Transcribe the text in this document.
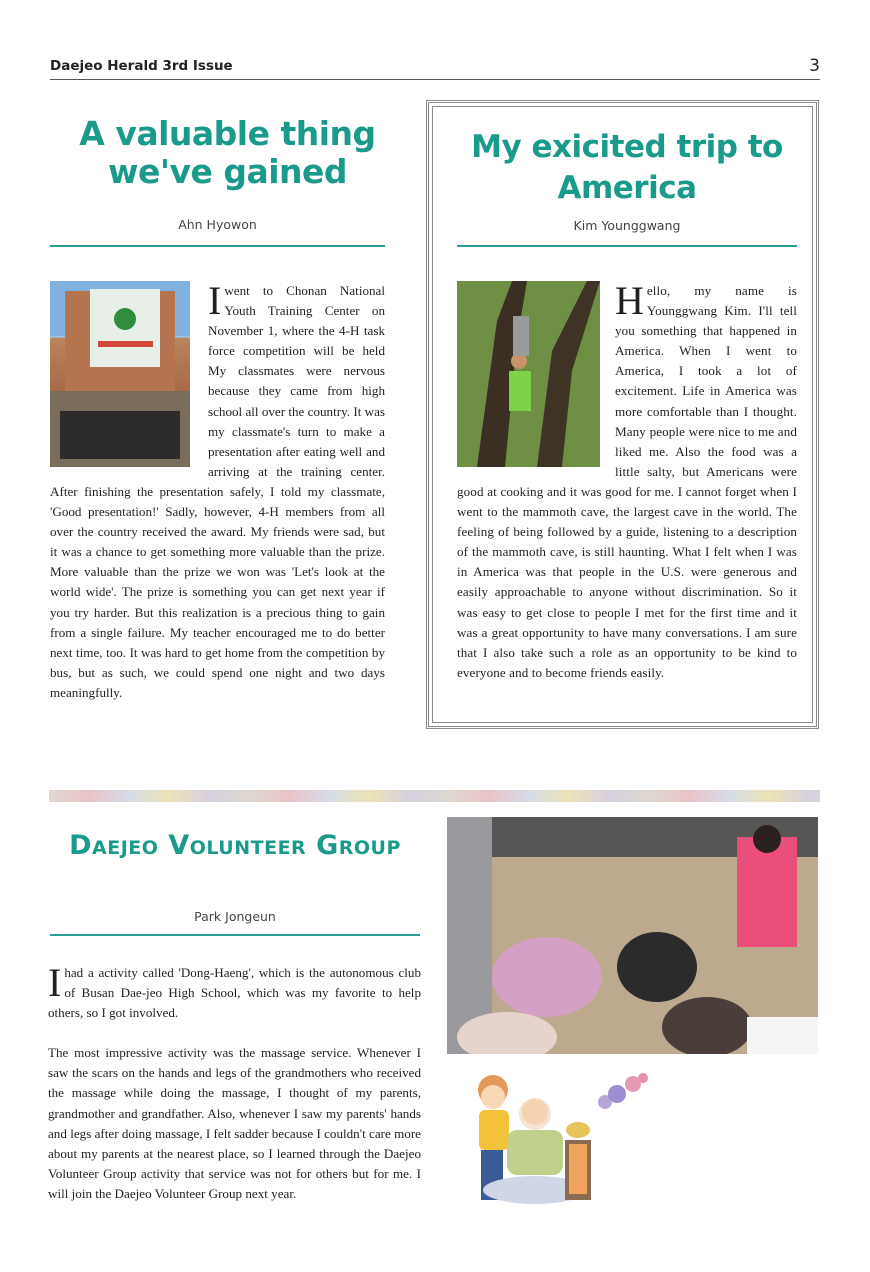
Daejeo Herald 3rd Issue	3
A valuable thing we've gained
Ahn Hyowon
I went to Chonan National Youth Training Center on November 1, where the 4-H task force competition will be held My classmates were nervous because they came from high school all over the country. It was my classmate's turn to make a presentation after eating well and arriving at the training center. After finishing the presentation safely, I told my classmate, 'Good presentation!' Sadly, however, 4-H members from all over the country received the award. My friends were sad, but it was a chance to get something more valuable than the prize. More valuable than the prize we won was 'Let's look at the world wide'. The prize is something you can get next year if you try harder. But this realization is a precious thing to gain from a single failure. My teacher encouraged me to do better next time, too. It was hard to get home from the competition by bus, but as such, we could spend one night and two days meaningfully.
My exicited trip to America
Kim Younggwang
H ello, my name is Younggwang Kim. I'll tell you something that happened in America. When I went to America, I took a lot of excitement. Life in America was more comfortable than I thought. Many people were nice to me and liked me. Also the food was a little salty, but Americans were good at cooking and it was good for me. I cannot forget when I went to the mammoth cave, the largest cave in the world. The feeling of being followed by a guide, listening to a description of the mammoth cave, is still haunting. What I felt when I was in America was that people in the U.S. were generous and easily approachable to anyone without discrimination. So it was easy to get close to people I met for the first time and it was a great opportunity to have many conversations. I am sure that I also take such a role as an opportunity to be kind to everyone and to become friends easily.
Daejeo Volunteer Group
Park Jongeun

I had a activity called 'Dong-Haeng', which is the autonomous club of Busan Dae-jeo High School, which was my favorite to help others, so I got involved.

The most impressive activity was the massage service. Whenever I saw the scars on the hands and legs of the grandmothers who received the massage while doing the massage, I thought of my parents, grandmother and grandfather. Also, whenever I saw my parents' hands and legs after doing massage, I felt sadder because I couldn't care more about my parents at the nearest place, so I learned through the Daejeo Volunteer Group activity that service was not for others but for me. I will join the Daejeo Volunteer Group next year.
